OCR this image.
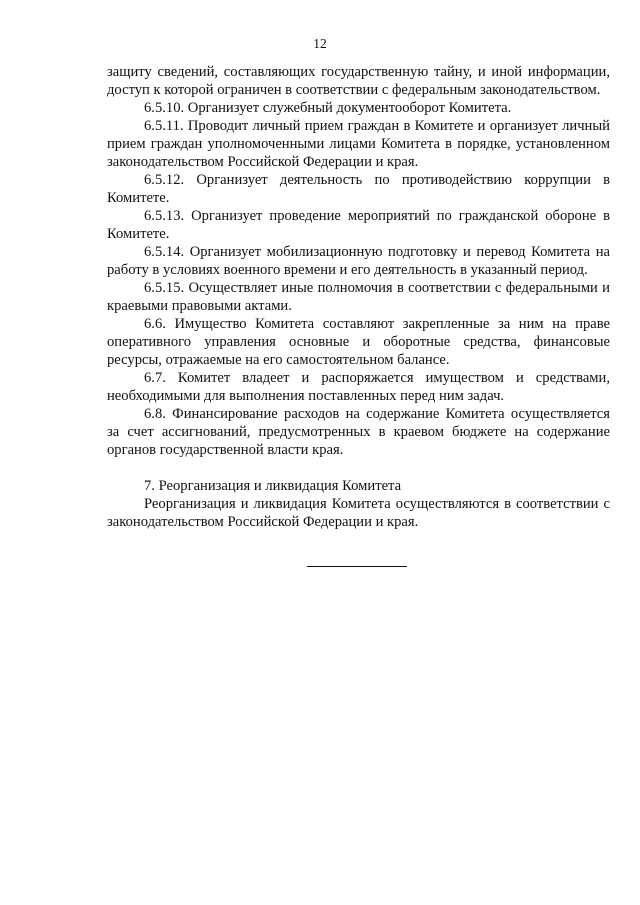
12

защиту сведений, составляющих государственную тайну, и иной информации, доступ к которой ограничен в соответствии с федеральным законодательством.

6.5.10. Организует служебный документооборот Комитета.

6.5.11. Проводит личный прием граждан в Комитете и организует личный прием граждан уполномоченными лицами Комитета в порядке, установленном законодательством Российской Федерации и края.

6.5.12. Организует деятельность по противодействию коррупции в Комитете.

6.5.13. Организует проведение мероприятий по гражданской обороне в Комитете.

6.5.14. Организует мобилизационную подготовку и перевод Комитета на работу в условиях военного времени и его деятельность в указанный период.

6.5.15. Осуществляет иные полномочия в соответствии с федеральными и краевыми правовыми актами.

6.6. Имущество Комитета составляют закрепленные за ним на праве оперативного управления основные и оборотные средства, финансовые ресурсы, отражаемые на его самостоятельном балансе.

6.7. Комитет владеет и распоряжается имуществом и средствами, необходимыми для выполнения поставленных перед ним задач.

6.8. Финансирование расходов на содержание Комитета осуществляется за счет ассигнований, предусмотренных в краевом бюджете на содержание органов государственной власти края.

7. Реорганизация и ликвидация Комитета

Реорганизация и ликвидация Комитета осуществляются в соответствии с законодательством Российской Федерации и края.
